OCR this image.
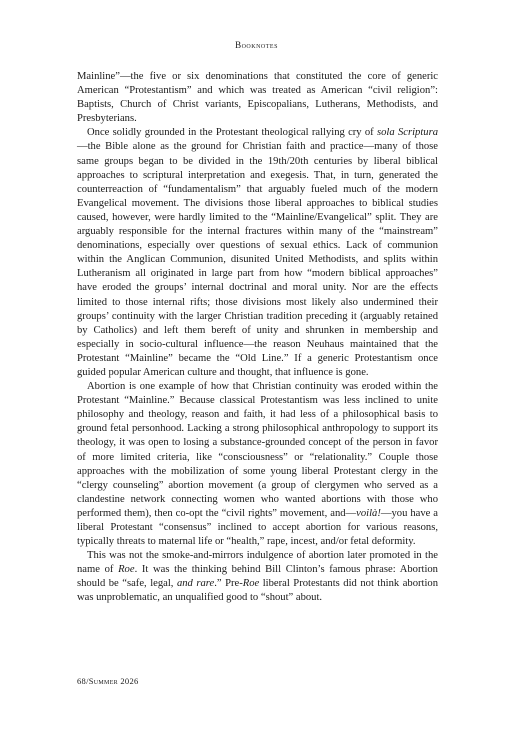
Booknotes

Mainline”—the five or six denominations that constituted the core of generic American “Protestantism” and which was treated as American “civil religion”: Baptists, Church of Christ variants, Episcopalians, Lutherans, Methodists, and Presbyterians.

Once solidly grounded in the Protestant theological rallying cry of sola Scriptura—the Bible alone as the ground for Christian faith and practice—many of those same groups began to be divided in the 19th/20th centuries by liberal biblical approaches to scriptural interpretation and exegesis. That, in turn, generated the counterreaction of “fundamentalism” that arguably fueled much of the modern Evangelical movement. The divisions those liberal approaches to biblical studies caused, however, were hardly limited to the “Mainline/Evangelical” split. They are arguably responsible for the internal fractures within many of the “mainstream” denominations, especially over questions of sexual ethics. Lack of communion within the Anglican Communion, disunited United Methodists, and splits within Lutheranism all originated in large part from how “modern biblical approaches” have eroded the groups’ internal doctrinal and moral unity. Nor are the effects limited to those internal rifts; those divisions most likely also undermined their groups’ continuity with the larger Christian tradition preceding it (arguably retained by Catholics) and left them bereft of unity and shrunken in membership and especially in socio-cultural influence—the reason Neuhaus maintained that the Protestant “Mainline” became the “Old Line.” If a generic Protestantism once guided popular American culture and thought, that influence is gone.

Abortion is one example of how that Christian continuity was eroded within the Protestant “Mainline.” Because classical Protestantism was less inclined to unite philosophy and theology, reason and faith, it had less of a philosophical basis to ground fetal personhood. Lacking a strong philosophical anthropology to support its theology, it was open to losing a substance-grounded concept of the person in favor of more limited criteria, like “consciousness” or “relationality.” Couple those approaches with the mobilization of some young liberal Protestant clergy in the “clergy counseling” abortion movement (a group of clergymen who served as a clandestine network connecting women who wanted abortions with those who performed them), then co-opt the “civil rights” movement, and—voilà!—you have a liberal Protestant “consensus” inclined to accept abortion for various reasons, typically threats to maternal life or “health,” rape, incest, and/or fetal deformity.

This was not the smoke-and-mirrors indulgence of abortion later promoted in the name of Roe. It was the thinking behind Bill Clinton’s famous phrase: Abortion should be “safe, legal, and rare.” Pre-Roe liberal Protestants did not think abortion was unproblematic, an unqualified good to “shout” about.

68/Summer 2026
